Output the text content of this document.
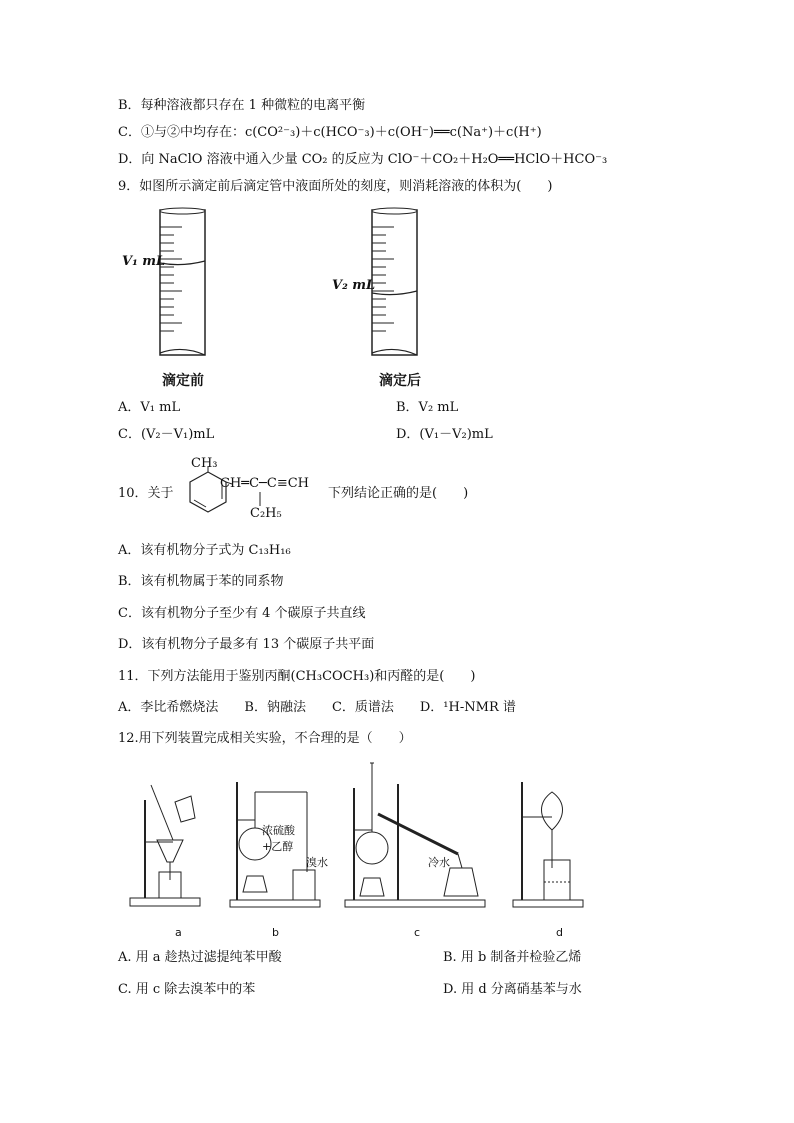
B．每种溶液都只存在 1 种微粒的电离平衡
C．①与②中均存在：c(CO²⁻₃)＋c(HCO⁻₃)＋c(OH⁻)══c(Na⁺)＋c(H⁺)
D．向 NaClO 溶液中通入少量 CO₂ 的反应为 ClO⁻＋CO₂＋H₂O══HClO＋HCO⁻₃
9．如图所示滴定前后滴定管中液面所处的刻度，则消耗溶液的体积为(　　)
V₁ mL
滴定前
V₂ mL
滴定后
A．V₁ mL	B．V₂ mL
C．(V₂－V₁)mL	D．(V₁－V₂)mL
10．关于
CH₃
CH═C─C≡CH
C₂H₅
下列结论正确的是(　　)
A．该有机物分子式为 C₁₃H₁₆
B．该有机物属于苯的同系物
C．该有机物分子至少有 4 个碳原子共直线
D．该有机物分子最多有 13 个碳原子共平面
11．下列方法能用于鉴别丙酮(CH₃COCH₃)和丙醛的是(　　)
A．李比希燃烧法　　B．钠融法　　C．质谱法　　D．¹H-NMR 谱
12.用下列装置完成相关实验，不合理的是（　　）
a
浓硫酸
+乙醇
溴水
b
冷水
c	d
A. 用 a 趁热过滤提纯苯甲酸	B. 用 b 制备并检验乙烯
C. 用 c 除去溴苯中的苯	D. 用 d 分离硝基苯与水
